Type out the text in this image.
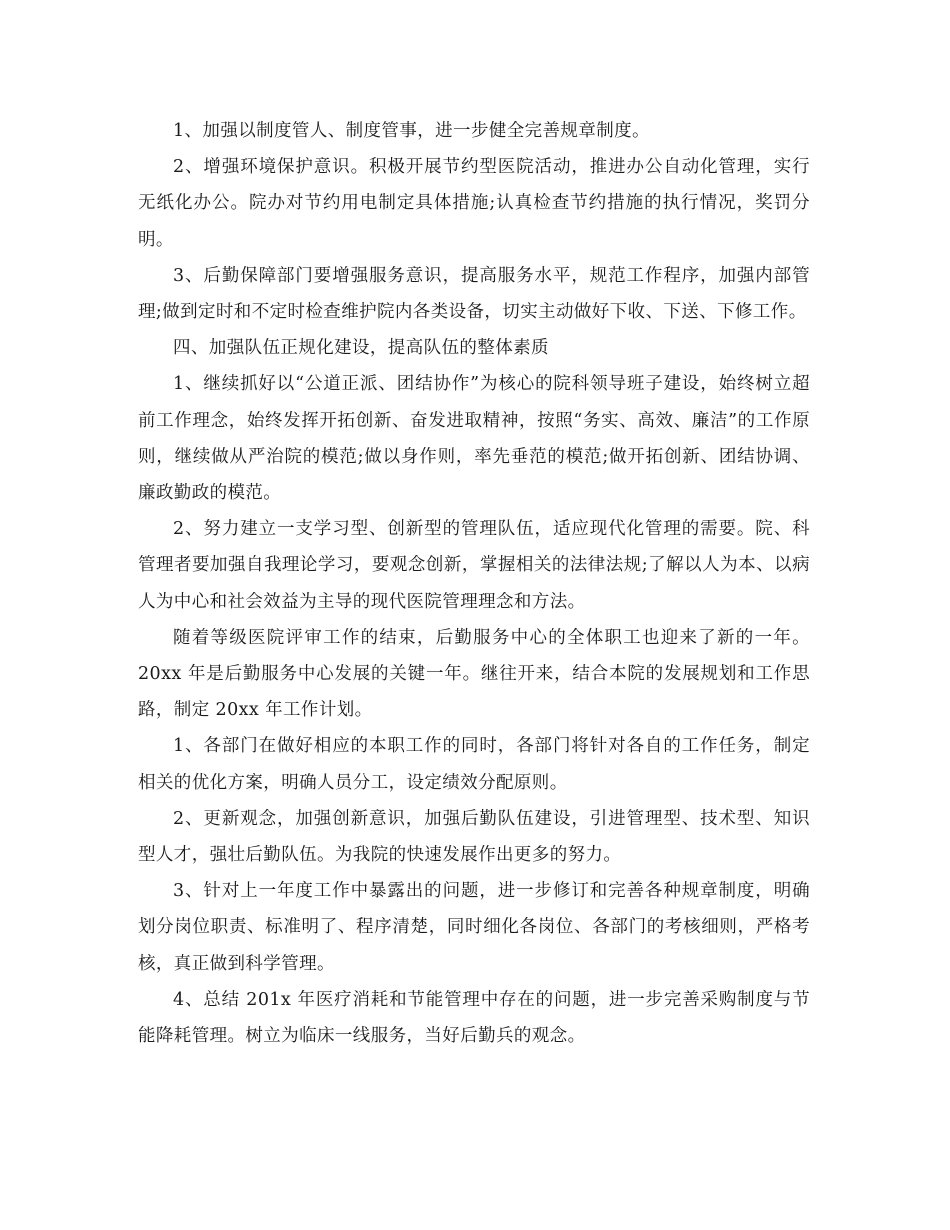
1、加强以制度管人、制度管事，进一步健全完善规章制度。

2、增强环境保护意识。积极开展节约型医院活动，推进办公自动化管理，实行无纸化办公。院办对节约用电制定具体措施;认真检查节约措施的执行情况，奖罚分明。

3、后勤保障部门要增强服务意识，提高服务水平，规范工作程序，加强内部管理;做到定时和不定时检查维护院内各类设备，切实主动做好下收、下送、下修工作。

四、加强队伍正规化建设，提高队伍的整体素质

1、继续抓好以“公道正派、团结协作”为核心的院科领导班子建设，始终树立超前工作理念，始终发挥开拓创新、奋发进取精神，按照“务实、高效、廉洁”的工作原则，继续做从严治院的模范;做以身作则，率先垂范的模范;做开拓创新、团结协调、廉政勤政的模范。

2、努力建立一支学习型、创新型的管理队伍，适应现代化管理的需要。院、科管理者要加强自我理论学习，要观念创新，掌握相关的法律法规;了解以人为本、以病人为中心和社会效益为主导的现代医院管理理念和方法。

随着等级医院评审工作的结束，后勤服务中心的全体职工也迎来了新的一年。20xx 年是后勤服务中心发展的关键一年。继往开来，结合本院的发展规划和工作思路，制定 20xx 年工作计划。

1、各部门在做好相应的本职工作的同时，各部门将针对各自的工作任务，制定相关的优化方案，明确人员分工，设定绩效分配原则。

2、更新观念，加强创新意识，加强后勤队伍建设，引进管理型、技术型、知识型人才，强壮后勤队伍。为我院的快速发展作出更多的努力。

3、针对上一年度工作中暴露出的问题，进一步修订和完善各种规章制度，明确划分岗位职责、标准明了、程序清楚，同时细化各岗位、各部门的考核细则，严格考核，真正做到科学管理。

4、总结 201x 年医疗消耗和节能管理中存在的问题，进一步完善采购制度与节能降耗管理。树立为临床一线服务，当好后勤兵的观念。
